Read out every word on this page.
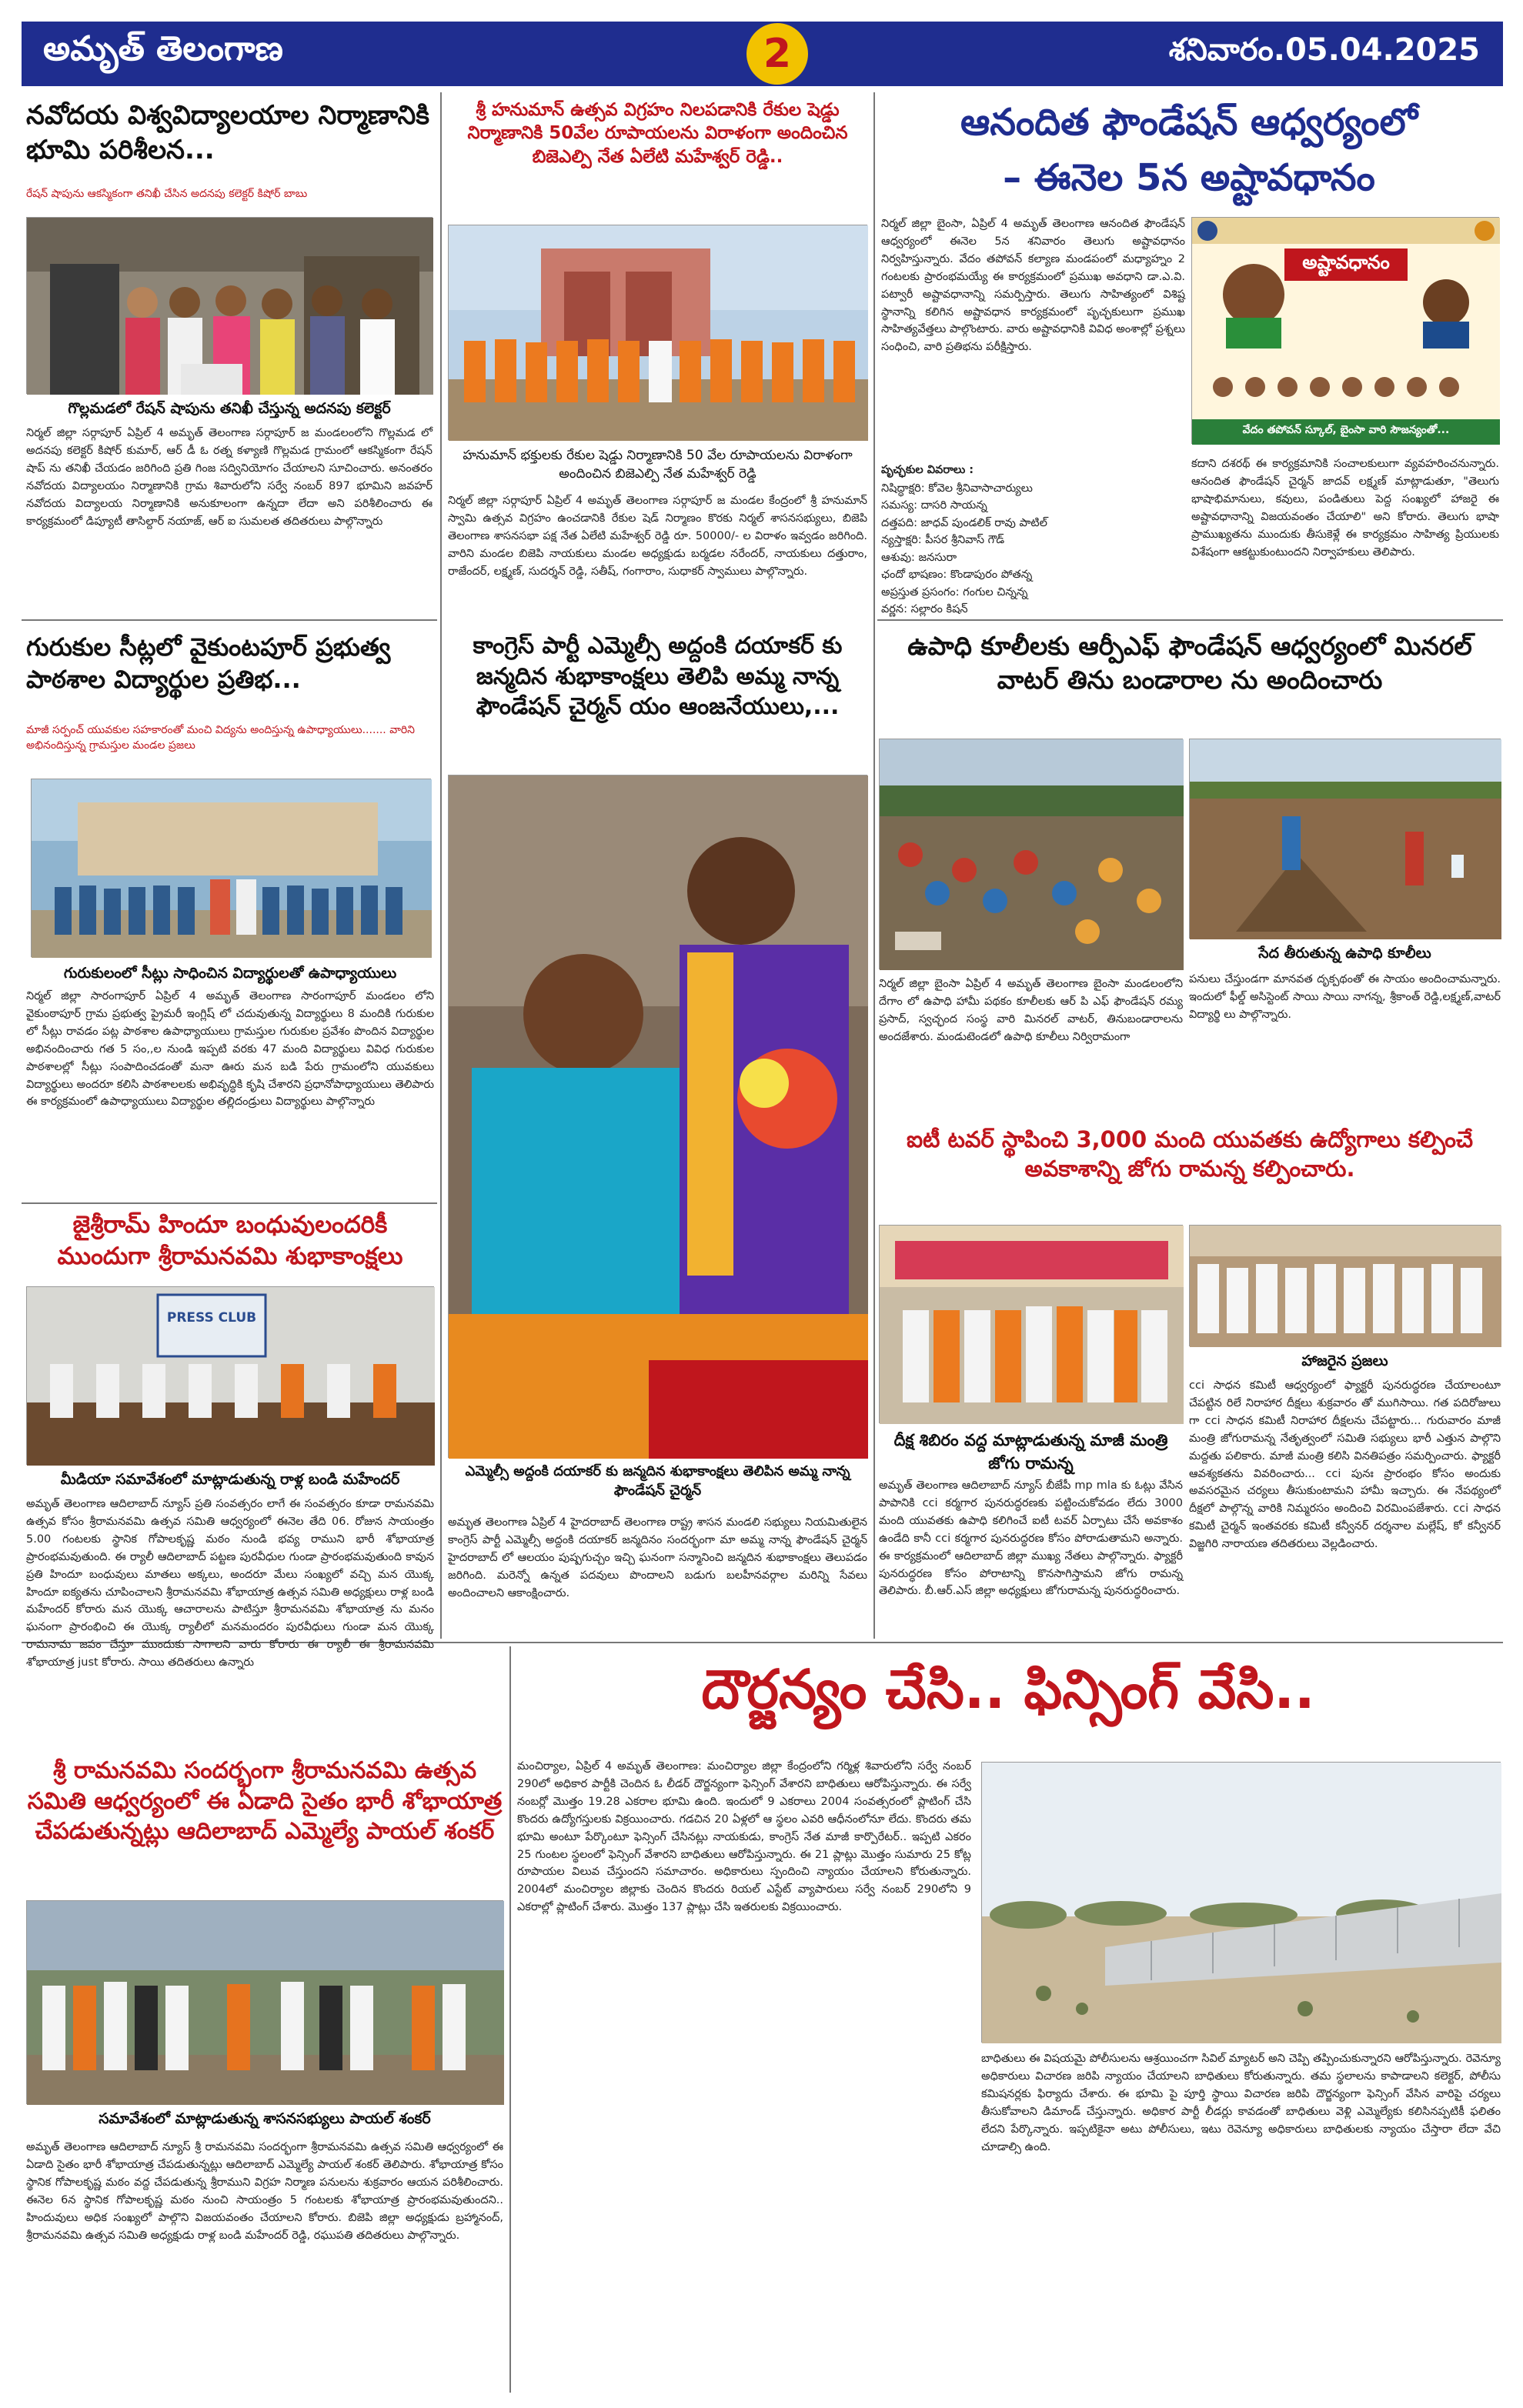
అమృత్ తెలంగాణ	2	శనివారం.05.04.2025
నవోదయ విశ్వవిద్యాలయాల నిర్మాణానికి భూమి పరిశీలన...
రేషన్ షాపును ఆకస్మికంగా తనిఖీ చేసిన అదనపు కలెక్టర్ కిషోర్ బాబు
గొల్లమడలో రేషన్ షాపును తనిఖీ చేస్తున్న అదనపు కలెక్టర్
నిర్మల్ జిల్లా సర్గాపూర్ ఏప్రిల్ 4 అమృత్ తెలంగాణ సర్గాపూర్ జ మండలంలోని గొల్లమడ లో అదనపు కలెక్టర్ కిషోర్ కుమార్, ఆర్ డీ ఓ రత్న కళ్యాణి గొల్లమడ గ్రామంలో ఆకస్మికంగా రేషన్ షాప్ ను తనిఖీ చేయడం జరిగింది ప్రతి గింజ సద్వినియోగం చేయాలని సూచించారు. అనంతరం నవోదయ విద్యాలయం నిర్మాణానికి గ్రామ శివారులోని సర్వే నంబర్ 897 భూమిని జవహర్ నవోదయ విద్యాలయ నిర్మాణానికి అనుకూలంగా ఉన్నదా లేదా అని పరిశీలించారు ఈ కార్యక్రమంలో డిప్యూటీ తాసిల్దార్ నయాజ్, ఆర్ ఐ సుమలత తదితరులు పాల్గొన్నారు
శ్రీ హనుమాన్ ఉత్సవ విగ్రహం నిలపడానికి రేకుల షెడ్డు నిర్మాణానికి 50వేల రూపాయలను విరాళంగా అందించిన బిజెఎల్పి నేత ఏలేటి మహేశ్వర్ రెడ్డి..
హనుమాన్ భక్తులకు రేకుల షెడ్డు నిర్మాణానికి 50 వేల రూపాయలను విరాళంగా అందించిన బిజెఎల్పి నేత మహేశ్వర్ రెడ్డి
నిర్మల్ జిల్లా సర్గాపూర్ ఏప్రిల్ 4 అమృత్ తెలంగాణ సర్గాపూర్ జ మండల కేంద్రంలో శ్రీ హనుమాన్ స్వామి ఉత్సవ విగ్రహం ఉంచడానికి రేకుల షెడ్ నిర్మాణం కొరకు నిర్మల్ శాసనసభ్యులు, బిజెపి తెలంగాణ శాసనసభా పక్ష నేత ఏలేటి మహేశ్వర్ రెడ్డి రూ. 50000/- ల విరాళం ఇవ్వడం జరిగింది. వారిని మండల బిజెపి నాయకులు మండల అధ్యక్షుడు బర్మడల నరేందర్, నాయకులు దత్తురాం, రాజేందర్, లక్ష్మణ్, సుదర్శన్ రెడ్డి, సతీష్, గంగారాం, సుధాకర్ స్వాములు పాల్గొన్నారు.
ఆనందిత ఫౌండేషన్ ఆధ్వర్యంలో
– ఈనెల 5న అష్టావధానం
నిర్మల్ జిల్లా బైంసా, ఏప్రిల్ 4 అమృత్ తెలంగాణ ఆనందిత ఫౌండేషన్ ఆధ్వర్యంలో ఈనెల 5న శనివారం తెలుగు అష్టావధానం నిర్వహిస్తున్నారు. వేదం తపోవన్ కల్యాణ మండపంలో మధ్యాహ్నం 2 గంటలకు ప్రారంభమయ్యే ఈ కార్యక్రమంలో ప్రముఖ అవధాని డా.ఎ.వి. పట్వారీ అష్టావధానాన్ని సమర్పిస్తారు. తెలుగు సాహిత్యంలో విశిష్ట స్థానాన్ని కలిగిన అష్టావధాన కార్యక్రమంలో పృచ్ఛకులుగా ప్రముఖ సాహిత్యవేత్తలు పాల్గొంటారు. వారు అష్టావధానికి వివిధ అంశాల్లో ప్రశ్నలు సంధించి, వారి ప్రతిభను పరీక్షిస్తారు.
పృచ్ఛకుల వివరాలు :
నిషిద్ధాక్షరి: కోవెల శ్రీనివాసాచార్యులు
సమస్య: దాసరి సాయన్న
దత్తపది: జాధవ్ పుండలిక్ రావు పాటిల్
న్యస్తాక్షరి: పీసర శ్రీనివాస్ గౌడ్
ఆశువు: జనసురా
ఛందో భాషణం: కొండాపురం పోతన్న
అప్రస్తుత ప్రసంగం: గంగుల చిన్నన్న
వర్ణన: సల్లారం కిషన్
అష్టావధానం
వేదం తపోవన్ స్కూల్, బైంసా వారి సౌజన్యంతో...
కదాని దశరథ్ ఈ కార్యక్రమానికి సంచాలకులుగా వ్యవహరించనున్నారు. ఆనందిత ఫౌండేషన్ చైర్మన్ జాదవ్ లక్ష్మణ్ మాట్లాడుతూ, "తెలుగు భాషాభిమానులు, కవులు, పండితులు పెద్ద సంఖ్యలో హాజరై ఈ అష్టావధానాన్ని విజయవంతం చేయాలి" అని కోరారు. తెలుగు భాషా ప్రాముఖ్యతను ముందుకు తీసుకెళ్లే ఈ కార్యక్రమం సాహిత్య ప్రియులకు విశేషంగా ఆకట్టుకుంటుందని నిర్వాహకులు తెలిపారు.
గురుకుల సీట్లలో వైకుంటపూర్ ప్రభుత్వ పాఠశాల విద్యార్థుల ప్రతిభ...
మాజీ సర్పంచ్ యువకుల సహకారంతో మంచి విద్యను అందిస్తున్న ఉపాధ్యాయులు....... వారిని అభినందిస్తున్న గ్రామస్తుల మండల ప్రజలు
గురుకులంలో సీట్లు సాధించిన విద్యార్థులతో ఉపాధ్యాయులు
నిర్మల్ జిల్లా సారంగాపూర్ ఏప్రిల్ 4 అమృత్ తెలంగాణ సారంగాపూర్ మండలం లోని వైకుంఠాపూర్ గ్రామ ప్రభుత్వ ప్రైమరీ ఇంగ్లిష్ లో చదువుతున్న విద్యార్థులు 8 మందికి గురుకుల లో సీట్లు రావడం పట్ల పాఠశాల ఉపాధ్యాయులు గ్రామస్తుల గురుకుల ప్రవేశం పొందిన విద్యార్థుల అభినందించారు గత 5 సం,,ల నుండి ఇప్పటి వరకు 47 మంది విద్యార్థులు వివిధ గురుకుల పాఠశాలల్లో సీట్లు సంపాదించడంతో మనా ఊరు మన బడి పేరు గ్రామంలోని యువకులు విద్యార్థులు అందరూ కలిసి పాఠశాలలకు అభివృద్ధికి కృషి చేశారని ప్రధానోపాధ్యాయులు తెలిపారు ఈ కార్యక్రమంలో ఉపాధ్యాయులు విద్యార్థుల తల్లిదండ్రులు విద్యార్థులు పాల్గొన్నారు
జైశ్రీరామ్ హిందూ బంధువులందరికీ ముందుగా శ్రీరామనవమి శుభాకాంక్షలు
PRESS CLUB
మీడియా సమావేశంలో మాట్లాడుతున్న రాళ్ల బండి మహేందర్
అమృత్ తెలంగాణ ఆదిలాబాద్ న్యూస్ ప్రతి సంవత్సరం లాగే ఈ సంవత్సరం కూడా రామనవమి ఉత్సవ కోసం శ్రీరామనవమి ఉత్సవ సమితి ఆధ్వర్యంలో ఈనెల తేది 06. రోజున సాయంత్రం 5.00 గంటలకు స్థానిక గోపాలకృష్ణ మఠం నుండి భవ్య రాముని భారీ శోభాయాత్ర ప్రారంభమవుతుంది. ఈ ర్యాలీ ఆదిలాబాద్ పట్టణ పురవీధుల గుండా ప్రారంభమవుతుంది కావున ప్రతి హిందూ బంధువులు మాతలు అక్కలు, అందరూ మేలు సంఖ్యలో వచ్చి మన యొక్క హిందూ ఐక్యతను చూపించాలని శ్రీరామనవమి శోభాయాత్ర ఉత్సవ సమితి అధ్యక్షులు రాళ్ల బండి మహేందర్ కోరారు మన యొక్క ఆచారాలను పాటిస్తూ శ్రీరామనవమి శోభాయాత్ర ను మనం ఘనంగా ప్రారంభించి ఈ యొక్క ర్యాలీలో మనమందరం పురవీధులు గుండా మన యొక్క రామనామ జపం చేస్తూ ముందుకు సాగాలని వారు కోరారు ఈ ర్యాలీ ఈ శ్రీరామనవమి శోభాయాత్ర just కోరారు. సాయి తదితరులు ఉన్నారు
కాంగ్రెస్ పార్టీ ఎమ్మెల్సీ అద్దంకి దయాకర్ కు జన్మదిన శుభాకాంక్షలు తెలిపి అమ్మ నాన్న ఫౌండేషన్ చైర్మన్ యం ఆంజనేయులు,...
ఎమ్మెల్సీ అద్దంకి దయాకర్ కు జన్మదిన శుభాకాంక్షలు తెలిపిన అమ్మ నాన్న ఫౌండేషన్ చైర్మన్
అమృత తెలంగాణ ఏప్రిల్ 4 హైదరాబాద్ తెలంగాణ రాష్ట్ర శాసన మండలి సభ్యులు నియమితులైన కాంగ్రెస్ పార్టీ ఎమ్మెల్సీ అద్దంకి దయాకర్ జన్మదినం సందర్భంగా మా అమ్మ నాన్న ఫౌండేషన్ చైర్మన్ హైదరాబాద్ లో ఆలయం పుష్పగుచ్చం ఇచ్చి ఘనంగా సన్మానించి జన్మదిన శుభాకాంక్షలు తెలుపడం జరిగింది. మరెన్నో ఉన్నత పదవులు పొందాలని బడుగు బలహీనవర్గాల మరిన్ని సేవలు అందించాలని ఆకాంక్షించారు.
ఉపాధి కూలీలకు ఆర్పీఎఫ్ ఫౌండేషన్ ఆధ్వర్యంలో మినరల్ వాటర్ తిను బండారాల ను అందించారు
సేద తీరుతున్న ఉపాధి కూలీలు
నిర్మల్ జిల్లా బైంసా ఏప్రిల్ 4 అమృత్ తెలంగాణ బైంసా మండలంలోని దేగాం లో ఉపాధి హామీ పథకం కూలీలకు ఆర్ పి ఎఫ్ ఫౌండేషన్ రమ్య ప్రసాద్, స్వచ్ఛంద సంస్థ వారి మినరల్ వాటర్, తినుబండారాలను అందజేశారు. మండుటెండలో ఉపాధి కూలీలు నిర్విరామంగా
పనులు చేస్తుండగా మానవత దృక్పథంతో ఈ సాయం అందించామన్నారు. ఇందులో ఫీల్డ్ అసిస్టెంట్ సాయి సాయి నాగన్న, శ్రీకాంత్ రెడ్డి,లక్ష్మణ్,వాటర్ విద్యార్థి లు పాల్గొన్నారు.
ఐటీ టవర్ స్థాపించి 3,000 మంది యువతకు ఉద్యోగాలు కల్పించే అవకాశాన్ని జోగు రామన్న కల్పించారు.
హాజరైన ప్రజలు
దీక్ష శిబిరం వద్ద మాట్లాడుతున్న మాజీ మంత్రి జోగు రామన్న
అమృత్ తెలంగాణ ఆదిలాబాద్ న్యూస్ బీజేపీ mp mla కు ఓట్లు వేసిన పాపానికి cci కర్మగార పునరుద్ధరణకు పట్టించుకోవడం లేదు 3000 మంది యువతకు ఉపాధి కలిగించే ఐటీ టవర్ ఏర్పాటు చేసే అవకాశం ఉండేది కానీ cci కర్మగార పునరుద్ధరణ కోసం పోరాడుతామని అన్నారు. ఈ కార్యక్రమంలో ఆదిలాబాద్ జిల్లా ముఖ్య నేతలు పాల్గొన్నారు. ఫ్యాక్టరీ పునరుద్ధరణ కోసం పోరాటాన్ని కొనసాగిస్తామని జోగు రామన్న తెలిపారు. బీ.ఆర్.ఎస్ జిల్లా అధ్యక్షులు జోగురామన్న పునరుద్ధరించారు.
cci సాధన కమిటీ ఆధ్వర్యంలో ఫ్యాక్టరీ పునరుద్ధరణ చేయాలంటూ చేపట్టిన రిలే నిరాహార దీక్షలు శుక్రవారం తో ముగిసాయి. గత పదిరోజులు గా cci సాధన కమిటీ నిరాహార దీక్షలను చేపట్టారు... గురువారం మాజీ మంత్రి జోగురామన్న నేతృత్వంలో సమితి సభ్యులు భారీ ఎత్తున పాల్గొని మద్దతు పలికారు. మాజీ మంత్రి కలిసి వినతిపత్రం సమర్పించారు. ఫ్యాక్టరీ ఆవశ్యకతను వివరించారు... cci పునః ప్రారంభం కోసం అందుకు అవసరమైన చర్యలు తీసుకుంటామని హామీ ఇచ్చారు. ఈ నేపథ్యంలో దీక్షలో పాల్గొన్న వారికి నిమ్మరసం అందించి విరమింపజేశారు. cci సాధన కమిటీ చైర్మన్ ఇంతవరకు కమిటీ కన్వీనర్ దర్శనాల మల్లేష్, కో కన్వీనర్ విజ్జగిరి నారాయణ తదితరులు వెల్లడించారు.
దౌర్జన్యం చేసి.. ఫిన్సింగ్ వేసి..
మంచిర్యాల, ఏప్రిల్ 4 అమృత్ తెలంగాణ: మంచిర్యాల జిల్లా కేంద్రంలోని గర్మిళ్ల శివారులోని సర్వే నంబర్ 290లో అధికార పార్టీకి చెందిన ఓ లీడర్ దౌర్జన్యంగా ఫెన్సింగ్ వేశారని బాధితులు ఆరోపిస్తున్నారు. ఈ సర్వే నంబర్లో మొత్తం 19.28 ఎకరాల భూమి ఉంది. ఇందులో 9 ఎకరాలు 2004 సంవత్సరంలో ప్లాటింగ్ చేసి కొందరు ఉద్యోగస్తులకు విక్రయించారు. గడచిన 20 ఏళ్లలో ఆ స్థలం ఎవరి ఆధీనంలోనూ లేదు. కొందరు తమ భూమి అంటూ పేర్కొంటూ ఫెన్సింగ్ చేసినట్లు నాయకుడు, కాంగ్రెస్ నేత మాజీ కార్పొరేటర్.. ఇప్పటి ఎకరం 25 గుంటల స్థలంలో ఫెన్సింగ్ వేశారని బాధితులు ఆరోపిస్తున్నారు. ఈ 21 ప్లాట్లు మొత్తం సుమారు 25 కోట్ల రూపాయల విలువ చేస్తుందని సమాచారం. అధికారులు స్పందించి న్యాయం చేయాలని కోరుతున్నారు. 2004లో మంచిర్యాల జిల్లాకు చెందిన కొందరు రియల్ ఎస్టేట్ వ్యాపారులు సర్వే నంబర్ 290లోని 9 ఎకరాల్లో ప్లాటింగ్ చేశారు. మొత్తం 137 ప్లాట్లు చేసి ఇతరులకు విక్రయించారు.
బాధితులు ఈ విషయమై పోలీసులను ఆశ్రయించగా సివిల్ మ్యాటర్ అని చెప్పి తప్పించుకున్నారని ఆరోపిస్తున్నారు. రెవెన్యూ అధికారులు విచారణ జరిపి న్యాయం చేయాలని బాధితులు కోరుతున్నారు. తమ స్థలాలను కాపాడాలని కలెక్టర్, పోలీసు కమిషనర్లకు ఫిర్యాదు చేశారు. ఈ భూమి పై పూర్తి స్థాయి విచారణ జరిపి దౌర్జన్యంగా ఫెన్సింగ్ వేసిన వారిపై చర్యలు తీసుకోవాలని డిమాండ్ చేస్తున్నారు. అధికార పార్టీ లీడర్లు కావడంతో బాధితులు వెళ్లి ఎమ్మెల్యేకు కలిసినప్పటికీ ఫలితం లేదని పేర్కొన్నారు. ఇప్పటికైనా అటు పోలీసులు, ఇటు రెవెన్యూ అధికారులు బాధితులకు న్యాయం చేస్తారా లేదా వేచి చూడాల్సి ఉంది.
శ్రీ రామనవమి సందర్భంగా శ్రీరామనవమి ఉత్సవ సమితి ఆధ్వర్యంలో ఈ ఏడాది సైతం భారీ శోభాయాత్ర చేపడుతున్నట్లు ఆదిలాబాద్ ఎమ్మెల్యే పాయల్ శంకర్
సమావేశంలో మాట్లాడుతున్న శాసనసభ్యులు పాయల్ శంకర్
అమృత్ తెలంగాణ ఆదిలాబాద్ న్యూస్ శ్రీ రామనవమి సందర్భంగా శ్రీరామనవమి ఉత్సవ సమితి ఆధ్వర్యంలో ఈ ఏడాది సైతం భారీ శోభాయాత్ర చేపడుతున్నట్లు ఆదిలాబాద్ ఎమ్మెల్యే పాయల్ శంకర్ తెలిపారు. శోభాయాత్ర కోసం స్థానిక గోపాలకృష్ణ మఠం వద్ద చేపడుతున్న శ్రీరాముని విగ్రహ నిర్మాణ పనులను శుక్రవారం ఆయన పరిశీలించారు. ఈనెల 6న స్థానిక గోపాలకృష్ణ మఠం నుంచి సాయంత్రం 5 గంటలకు శోభాయాత్ర ప్రారంభమవుతుందని.. హిందువులు అధిక సంఖ్యలో పాల్గొని విజయవంతం చేయాలని కోరారు. బిజెపి జిల్లా అధ్యక్షుడు బ్రహ్మానంద్, శ్రీరామనవమి ఉత్సవ సమితి అధ్యక్షుడు రాళ్ల బండి మహేందర్ రెడ్డి, రఘుపతి తదితరులు పాల్గొన్నారు.
